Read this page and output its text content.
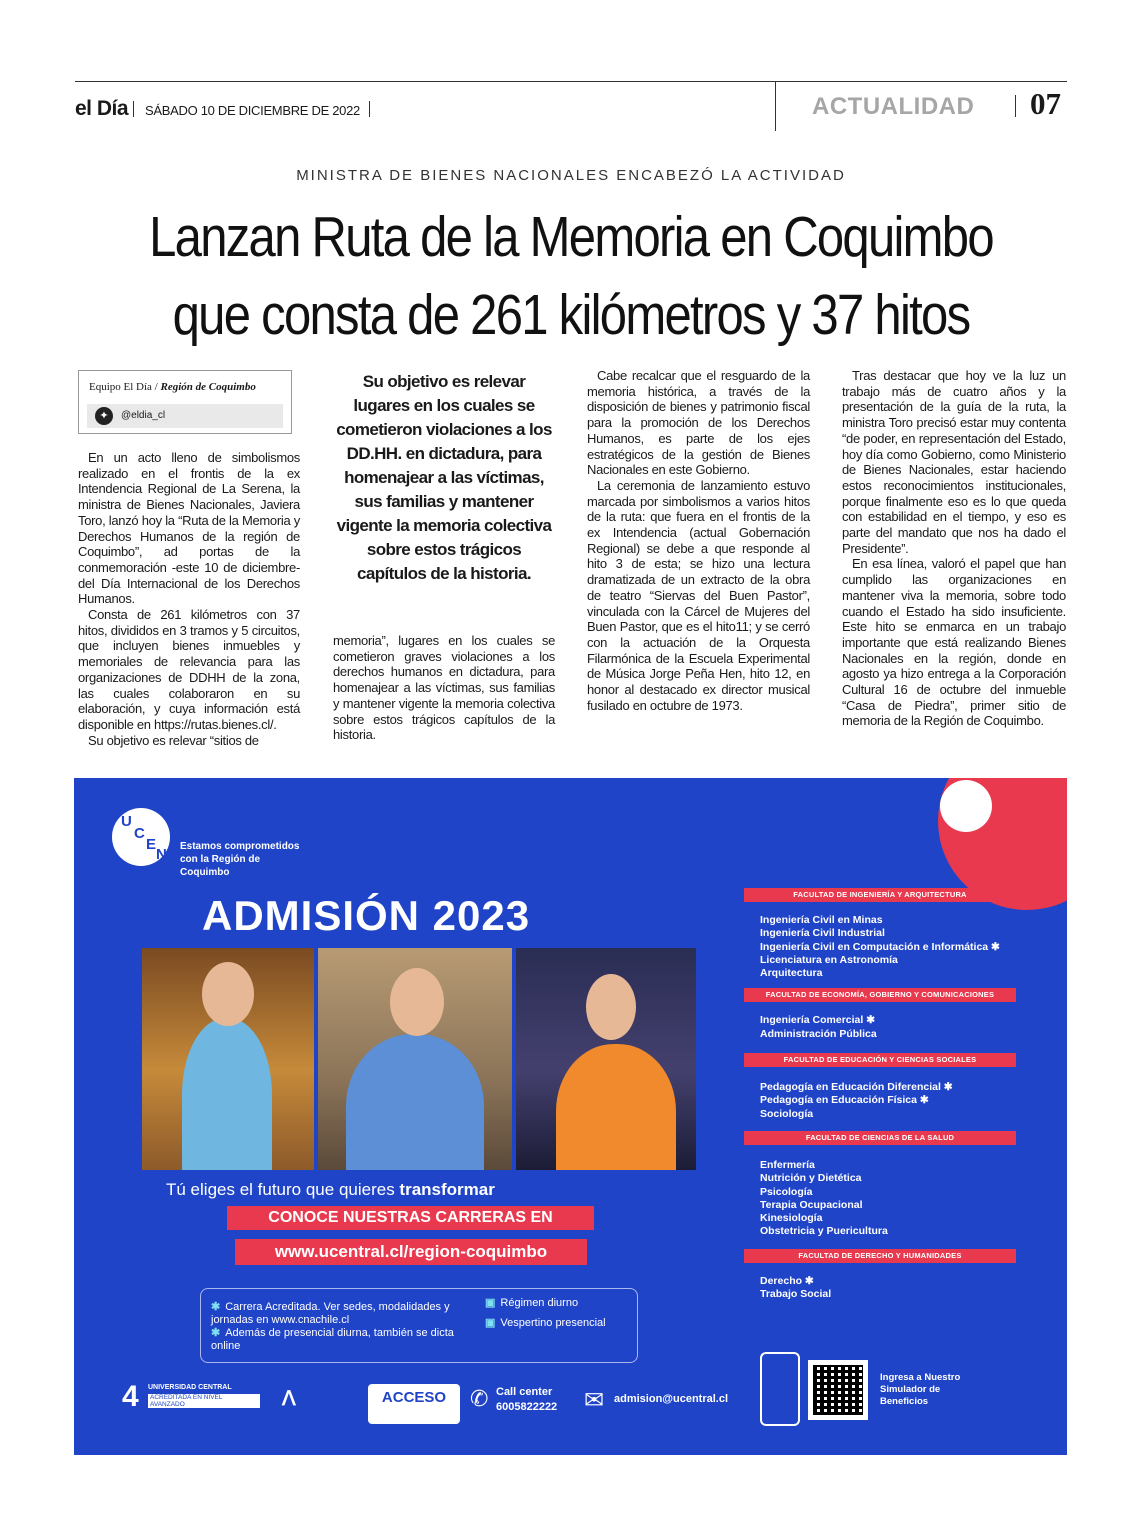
el Día SÁBADO 10 DE DICIEMBRE DE 2022	ACTUALIDAD 07
MINISTRA DE BIENES NACIONALES ENCABEZÓ LA ACTIVIDAD
Lanzan Ruta de la Memoria en Coquimbo
que consta de 261 kilómetros y 37 hitos
Equipo El Día / Región de Coquimbo
✦	@eldia_cl

En un acto lleno de simbolismos realizado en el frontis de la ex Intendencia Regional de La Serena, la ministra de Bienes Nacionales, Javiera Toro, lanzó hoy la “Ruta de la Memoria y Derechos Humanos de la región de Coquimbo”, ad portas de la conmemoración -este 10 de diciembre- del Día Internacional de los Derechos Humanos.

Consta de 261 kilómetros con 37 hitos, divididos en 3 tramos y 5 circuitos, que incluyen bienes inmuebles y memoriales de relevancia para las organizaciones de DDHH de la zona, las cuales colaboraron en su elaboración, y cuya información está disponible en https://rutas.bienes.cl/.

Su objetivo es relevar “sitios de

Su objetivo es relevar lugares en los cuales se cometieron violaciones a los DD.HH. en dictadura, para homenajear a las víctimas, sus familias y mantener vigente la memoria colectiva sobre estos trágicos capítulos de la historia.

memoria”, lugares en los cuales se cometieron graves violaciones a los derechos humanos en dictadura, para homenajear a las víctimas, sus familias y mantener vigente la memoria colectiva sobre estos trágicos capítulos de la historia.

Cabe recalcar que el resguardo de la memoria histórica, a través de la disposición de bienes y patrimonio fiscal para la promoción de los Derechos Humanos, es parte de los ejes estratégicos de la gestión de Bienes Nacionales en este Gobierno.

La ceremonia de lanzamiento estuvo marcada por simbolismos a varios hitos de la ruta: que fuera en el frontis de la ex Intendencia (actual Gobernación Regional) se debe a que responde al hito 3 de esta; se hizo una lectura dramatizada de un extracto de la obra de teatro “Siervas del Buen Pastor”, vinculada con la Cárcel de Mujeres del Buen Pastor, que es el hito11; y se cerró con la actuación de la Orquesta Filarmónica de la Escuela Experimental de Música Jorge Peña Hen, hito 12, en honor al destacado ex director musical fusilado en octubre de 1973.

Tras destacar que hoy ve la luz un trabajo más de cuatro años y la presentación de la guía de la ruta, la ministra Toro precisó estar muy contenta “de poder, en representación del Estado, hoy día como Gobierno, como Ministerio de Bienes Nacionales, estar haciendo estos reconocimientos institucionales, porque finalmente eso es lo que queda con estabilidad en el tiempo, y eso es parte del mandato que nos ha dado el Presidente”.

En esa línea, valoró el papel que han cumplido las organizaciones en mantener viva la memoria, sobre todo cuando el Estado ha sido insuficiente. Este hito se enmarca en un trabajo importante que está realizando Bienes Nacionales en la región, donde en agosto ya hizo entrega a la Corporación Cultural 16 de octubre del inmueble “Casa de Piedra”, primer sitio de memoria de la Región de Coquimbo.

U
C
E
N Estamos comprometidos con la Región de Coquimbo
ADMISIÓN 2023
Tú eliges el futuro que quieres transformar
CONOCE NUESTRAS CARRERAS EN
www.ucentral.cl/region-coquimbo
✱ Carrera Acreditada. Ver sedes, modalidades y jornadas en www.cnachile.cl
✱ Además de presencial diurna, también se dicta online
▣ Régimen diurno
▣ Vespertino presencial
4 UNIVERSIDAD CENTRAL
ACREDITADA EN NIVEL AVANZADO	ᐱ	ACCESO	✆ Call center
6005822222 ✉ admision@ucentral.cl
FACULTAD DE INGENIERÍA Y ARQUITECTURA
Ingeniería Civil en Minas
Ingeniería Civil Industrial
Ingeniería Civil en Computación e Informática ✱
Licenciatura en Astronomía
Arquitectura
FACULTAD DE ECONOMÍA, GOBIERNO Y COMUNICACIONES
Ingeniería Comercial ✱
Administración Pública
FACULTAD DE EDUCACIÓN Y CIENCIAS SOCIALES
Pedagogía en Educación Diferencial ✱
Pedagogía en Educación Física ✱
Sociología
FACULTAD DE CIENCIAS DE LA SALUD
Enfermería
Nutrición y Dietética
Psicología
Terapia Ocupacional
Kinesiología
Obstetricia y Puericultura
FACULTAD DE DERECHO Y HUMANIDADES
Derecho ✱
Trabajo Social
Ingresa a Nuestro Simulador de Beneficios
